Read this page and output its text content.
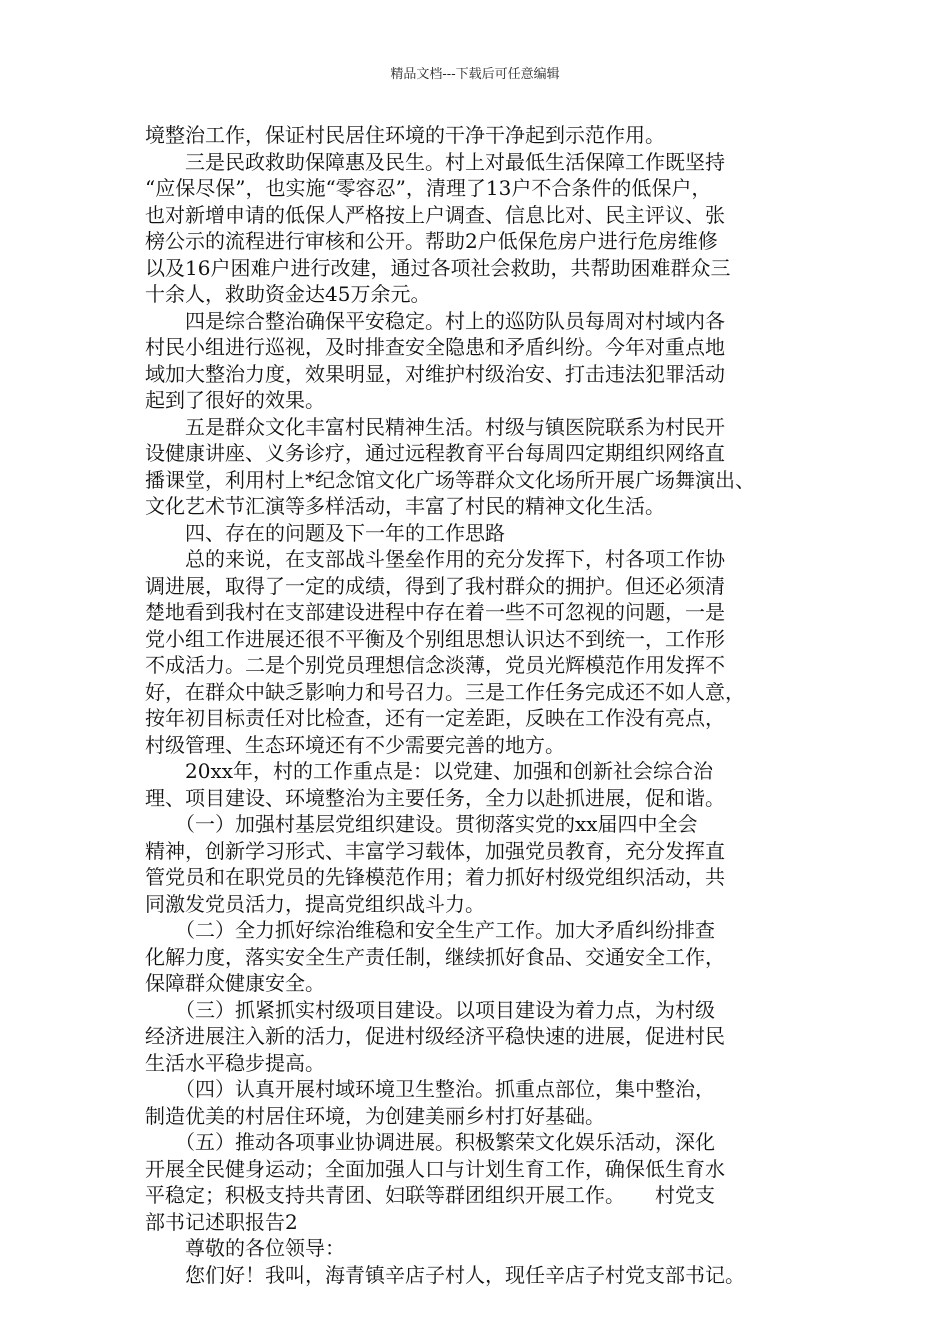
精品文档---下载后可任意编辑
境整治工作，保证村民居住环境的干净干净起到示范作用。
　　三是民政救助保障惠及民生。村上对最低生活保障工作既坚持
“应保尽保”，也实施“零容忍”，清理了13户不合条件的低保户，
也对新增申请的低保人严格按上户调查、信息比对、民主评议、张
榜公示的流程进行审核和公开。帮助2户低保危房户进行危房维修
以及16户困难户进行改建，通过各项社会救助，共帮助困难群众三
十余人，救助资金达45万余元。
　　四是综合整治确保平安稳定。村上的巡防队员每周对村域内各
村民小组进行巡视，及时排查安全隐患和矛盾纠纷。今年对重点地
域加大整治力度，效果明显，对维护村级治安、打击违法犯罪活动
起到了很好的效果。
　　五是群众文化丰富村民精神生活。村级与镇医院联系为村民开
设健康讲座、义务诊疗，通过远程教育平台每周四定期组织网络直
播课堂，利用村上*纪念馆文化广场等群众文化场所开展广场舞演出、
文化艺术节汇演等多样活动，丰富了村民的精神文化生活。
　　四、存在的问题及下一年的工作思路
　　总的来说，在支部战斗堡垒作用的充分发挥下，村各项工作协
调进展，取得了一定的成绩，得到了我村群众的拥护。但还必须清
楚地看到我村在支部建设进程中存在着一些不可忽视的问题，一是
党小组工作进展还很不平衡及个别组思想认识达不到统一，工作形
不成活力。二是个别党员理想信念淡薄，党员光辉模范作用发挥不
好，在群众中缺乏影响力和号召力。三是工作任务完成还不如人意，
按年初目标责任对比检查，还有一定差距，反映在工作没有亮点，
村级管理、生态环境还有不少需要完善的地方。
　　20xx年，村的工作重点是：以党建、加强和创新社会综合治
理、项目建设、环境整治为主要任务，全力以赴抓进展，促和谐。
　　（一）加强村基层党组织建设。贯彻落实党的xx届四中全会
精神，创新学习形式、丰富学习载体，加强党员教育，充分发挥直
管党员和在职党员的先锋模范作用；着力抓好村级党组织活动，共
同激发党员活力，提高党组织战斗力。
　　（二）全力抓好综治维稳和安全生产工作。加大矛盾纠纷排查
化解力度，落实安全生产责任制，继续抓好食品、交通安全工作，
保障群众健康安全。
　　（三）抓紧抓实村级项目建设。以项目建设为着力点，为村级
经济进展注入新的活力，促进村级经济平稳快速的进展，促进村民
生活水平稳步提高。
　　（四）认真开展村域环境卫生整治。抓重点部位，集中整治，
制造优美的村居住环境，为创建美丽乡村打好基础。
　　（五）推动各项事业协调进展。积极繁荣文化娱乐活动，深化
开展全民健身运动；全面加强人口与计划生育工作，确保低生育水
平稳定；积极支持共青团、妇联等群团组织开展工作。　　村党支
部书记述职报告2
　　尊敬的各位领导：
　　您们好！我叫，海青镇辛店子村人，现任辛店子村党支部书记。
